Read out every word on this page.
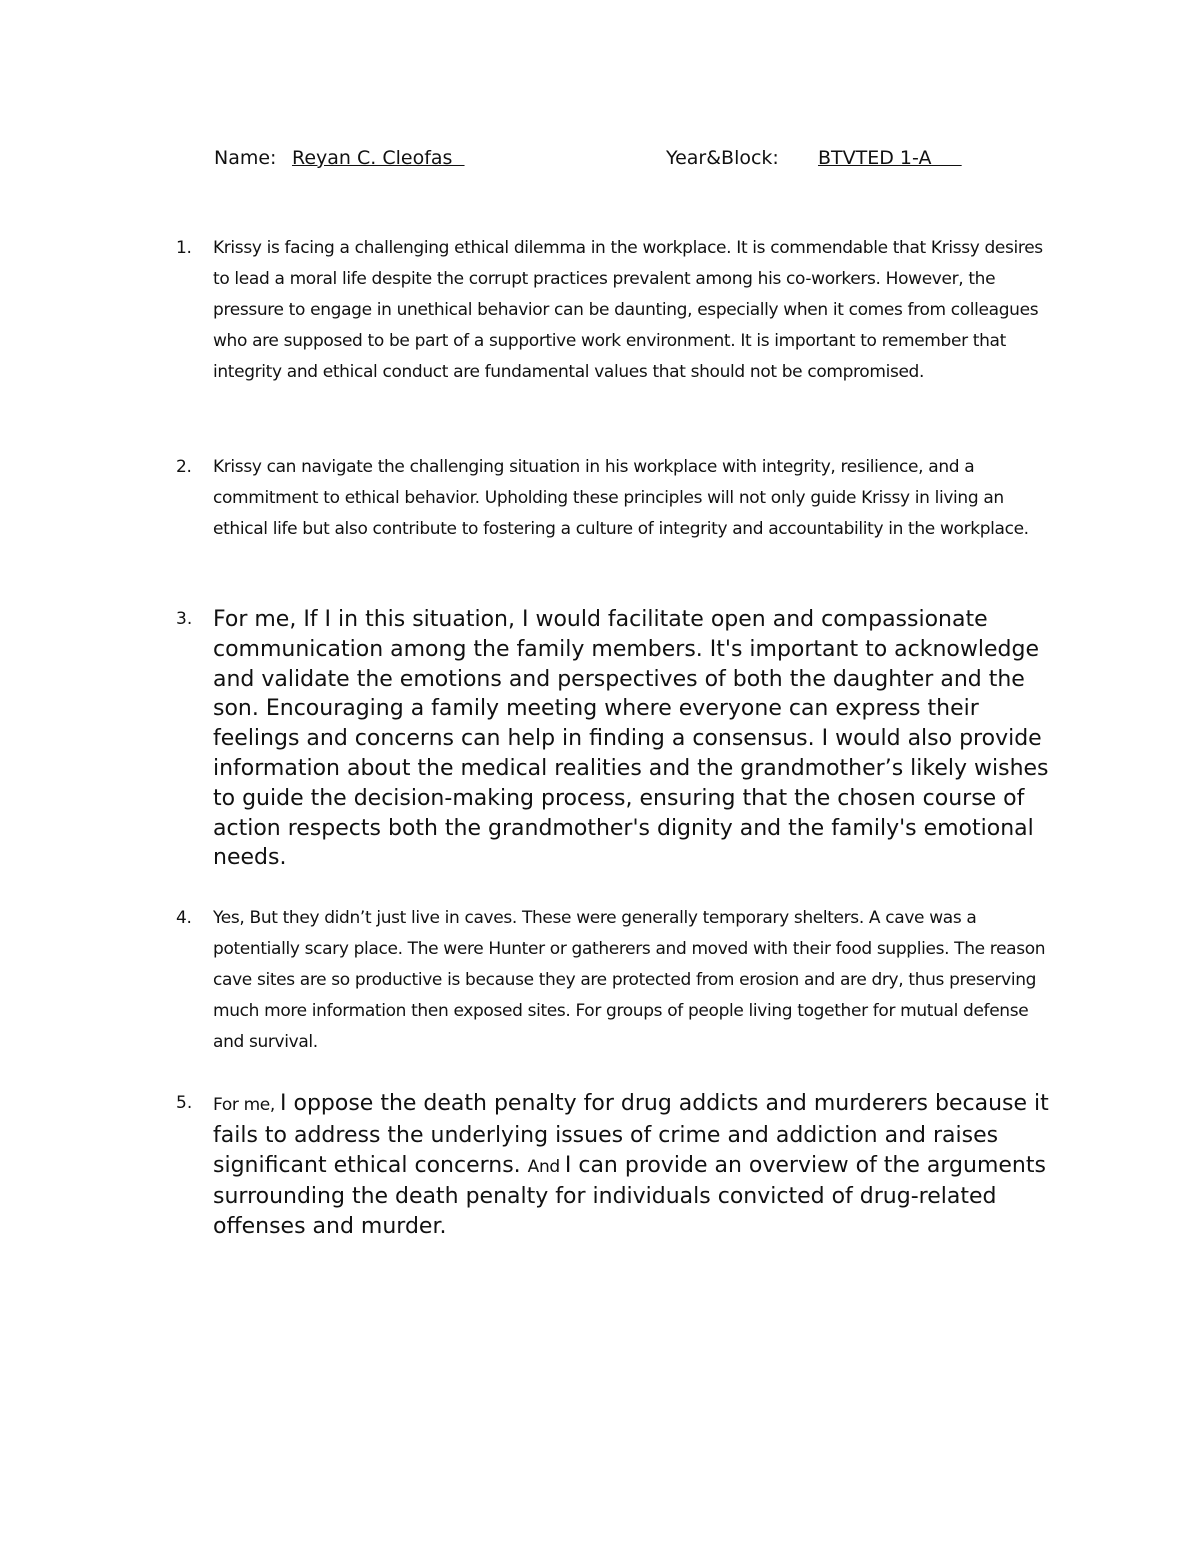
Name: Reyan C. Cleofas	Year&Block: BTVTED 1-A
1.	Krissy is facing a challenging ethical dilemma in the workplace. It is commendable that Krissy desires to lead a moral life despite the corrupt practices prevalent among his co-workers. However, the pressure to engage in unethical behavior can be daunting, especially when it comes from colleagues who are supposed to be part of a supportive work environment. It is important to remember that integrity and ethical conduct are fundamental values that should not be compromised.
2.	Krissy can navigate the challenging situation in his workplace with integrity, resilience, and a commitment to ethical behavior. Upholding these principles will not only guide Krissy in living an ethical life but also contribute to fostering a culture of integrity and accountability in the workplace.
3. For me, If I in this situation, I would facilitate open and compassionate communication among the family members. It's important to acknowledge and validate the emotions and perspectives of both the daughter and the son. Encouraging a family meeting where everyone can express their feelings and concerns can help in finding a consensus. I would also provide information about the medical realities and the grandmother’s likely wishes to guide the decision-making process, ensuring that the chosen course of action respects both the grandmother's dignity and the family's emotional needs.
4.	Yes, But they didn’t just live in caves. These were generally temporary shelters. A cave was a potentially scary place. The were Hunter or gatherers and moved with their food supplies. The reason cave sites are so productive is because they are protected from erosion and are dry, thus preserving much more information then exposed sites. For groups of people living together for mutual defense and survival.
5.	For me, I oppose the death penalty for drug addicts and murderers because it fails to address the underlying issues of crime and addiction and raises significant ethical concerns. And I can provide an overview of the arguments surrounding the death penalty for individuals convicted of drug-related offenses and murder.
